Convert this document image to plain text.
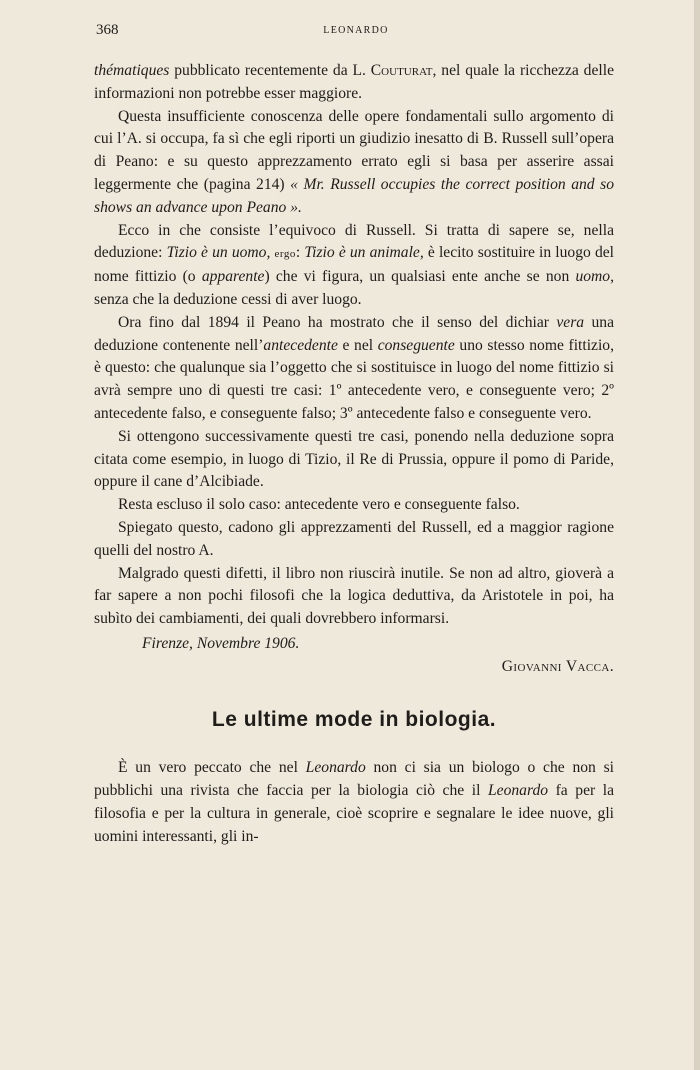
368	LEONARDO

thématiques pubblicato recentemente da L. Couturat, nel quale la ricchezza delle informazioni non potrebbe esser maggiore.

Questa insufficiente conoscenza delle opere fondamentali sullo argomento di cui l’A. si occupa, fa sì che egli riporti un giudizio inesatto di B. Russell sull’opera di Peano: e su questo apprezzamento errato egli si basa per asserire assai leggermente che (pagina 214) « Mr. Russell occupies the correct position and so shows an advance upon Peano ».

Ecco in che consiste l’equivoco di Russell. Si tratta di sapere se, nella deduzione: Tizio è un uomo, ergo: Tizio è un animale, è lecito sostituire in luogo del nome fittizio (o apparente) che vi figura, un qualsiasi ente anche se non uomo, senza che la deduzione cessi di aver luogo.

Ora fino dal 1894 il Peano ha mostrato che il senso del dichiar vera una deduzione contenente nell’antecedente e nel conseguente uno stesso nome fittizio, è questo: che qualunque sia l’oggetto che si sostituisce in luogo del nome fittizio si avrà sempre uno di questi tre casi: 1º antecedente vero, e conseguente vero; 2º antecedente falso, e conseguente falso; 3º antecedente falso e conseguente vero.

Si ottengono successivamente questi tre casi, ponendo nella deduzione sopra citata come esempio, in luogo di Tizio, il Re di Prussia, oppure il pomo di Paride, oppure il cane d’Alcibiade.

Resta escluso il solo caso: antecedente vero e conseguente falso.

Spiegato questo, cadono gli apprezzamenti del Russell, ed a maggior ragione quelli del nostro A.

Malgrado questi difetti, il libro non riuscirà inutile. Se non ad altro, gioverà a far sapere a non pochi filosofi che la logica deduttiva, da Aristotele in poi, ha subìto dei cambiamenti, dei quali dovrebbero informarsi.

Firenze, Novembre 1906.

Giovanni Vacca.

Le ultime mode in biologia.

È un vero peccato che nel Leonardo non ci sia un biologo o che non si pubblichi una rivista che faccia per la biologia ciò che il Leonardo fa per la filosofia e per la cultura in generale, cioè scoprire e segnalare le idee nuove, gli uomini interessanti, gli in-
